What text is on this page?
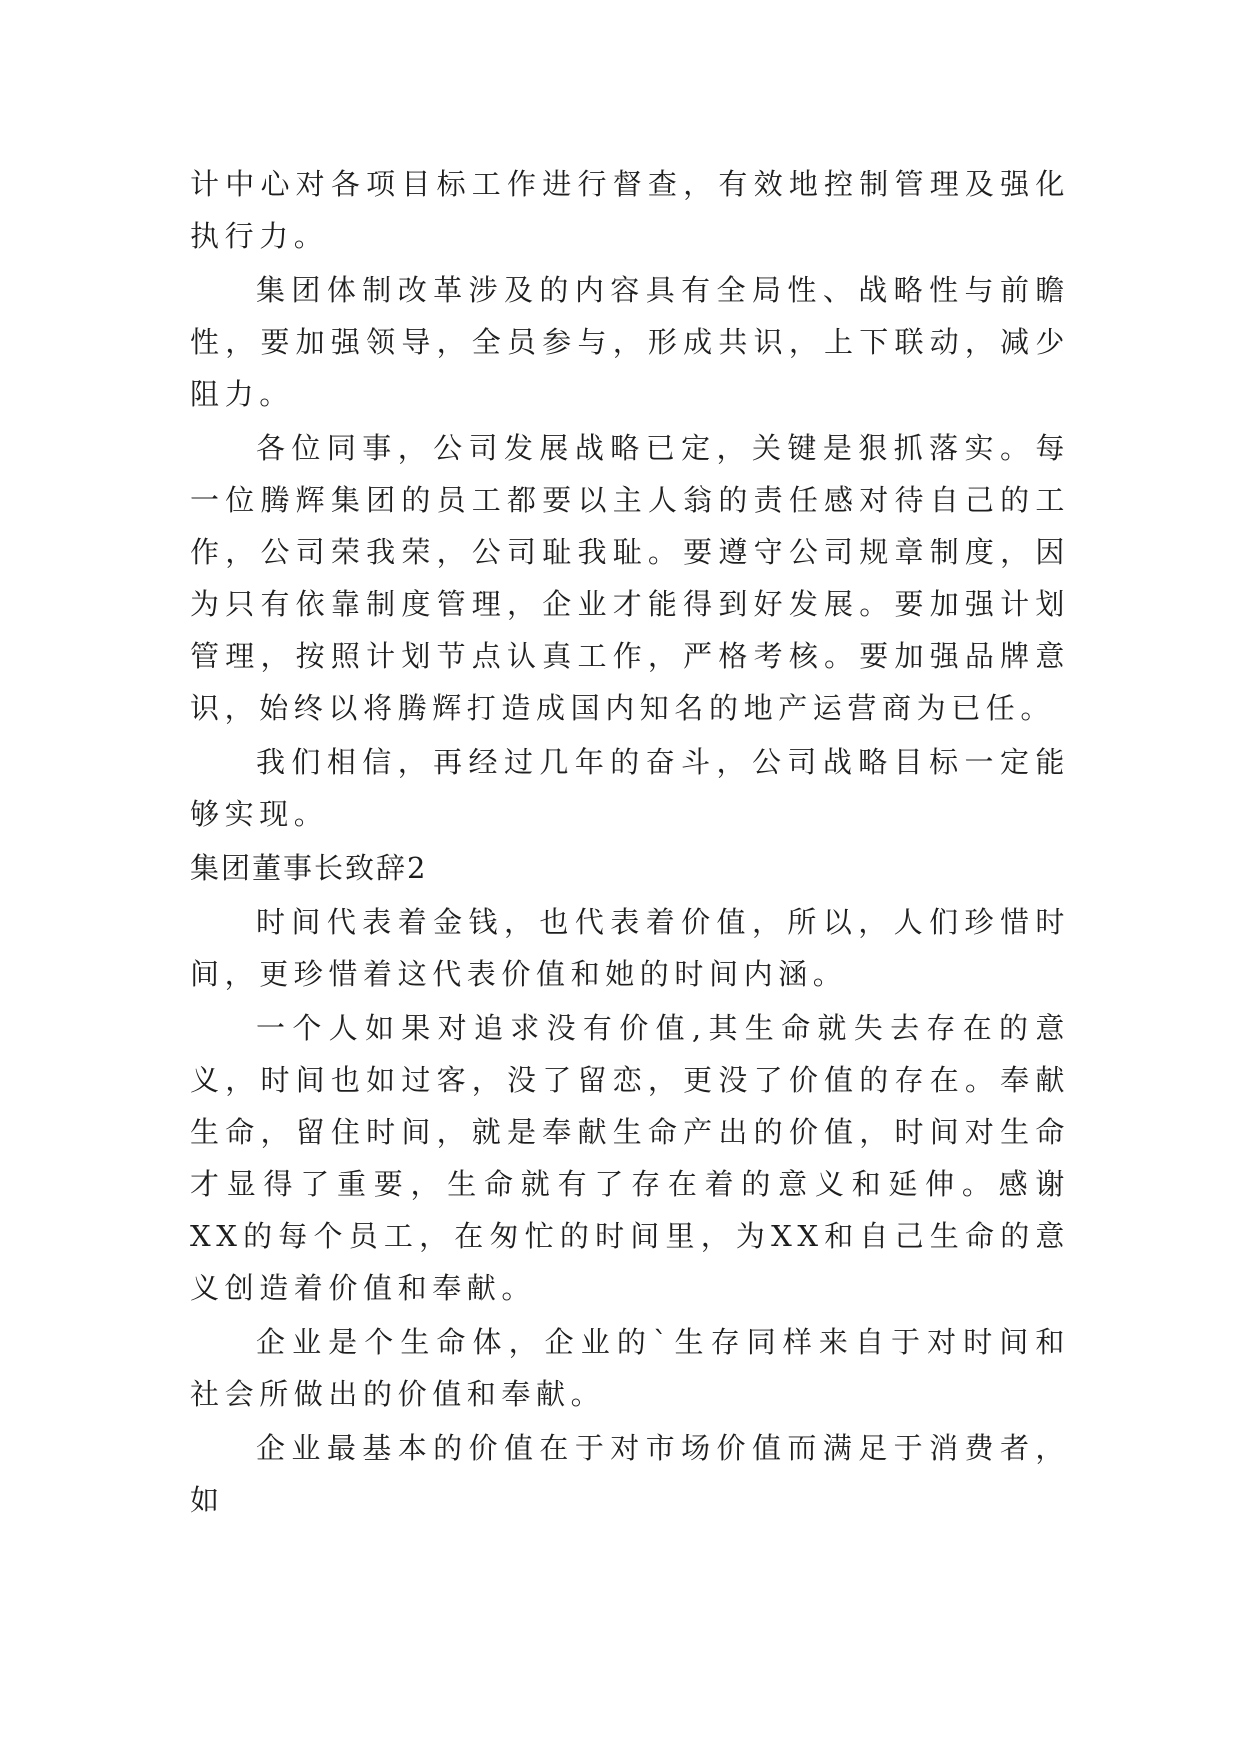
计中心对各项目标工作进行督查，有效地控制管理及强化执行力。

集团体制改革涉及的内容具有全局性、战略性与前瞻性，要加强领导，全员参与，形成共识，上下联动，减少阻力。

各位同事，公司发展战略已定，关键是狠抓落实。每一位腾辉集团的员工都要以主人翁的责任感对待自己的工作，公司荣我荣，公司耻我耻。要遵守公司规章制度，因为只有依靠制度管理，企业才能得到好发展。要加强计划管理，按照计划节点认真工作，严格考核。要加强品牌意识，始终以将腾辉打造成国内知名的地产运营商为已任。

我们相信，再经过几年的奋斗，公司战略目标一定能够实现。

集团董事长致辞2

时间代表着金钱，也代表着价值，所以，人们珍惜时间，更珍惜着这代表价值和她的时间内涵。

一个人如果对追求没有价值,其生命就失去存在的意义，时间也如过客，没了留恋，更没了价值的存在。奉献生命，留住时间，就是奉献生命产出的价值，时间对生命才显得了重要，生命就有了存在着的意义和延伸。感谢XX的每个员工，在匆忙的时间里，为XX和自己生命的意义创造着价值和奉献。

企业是个生命体，企业的`生存同样来自于对时间和社会所做出的价值和奉献。

企业最基本的价值在于对市场价值而满足于消费者，如
